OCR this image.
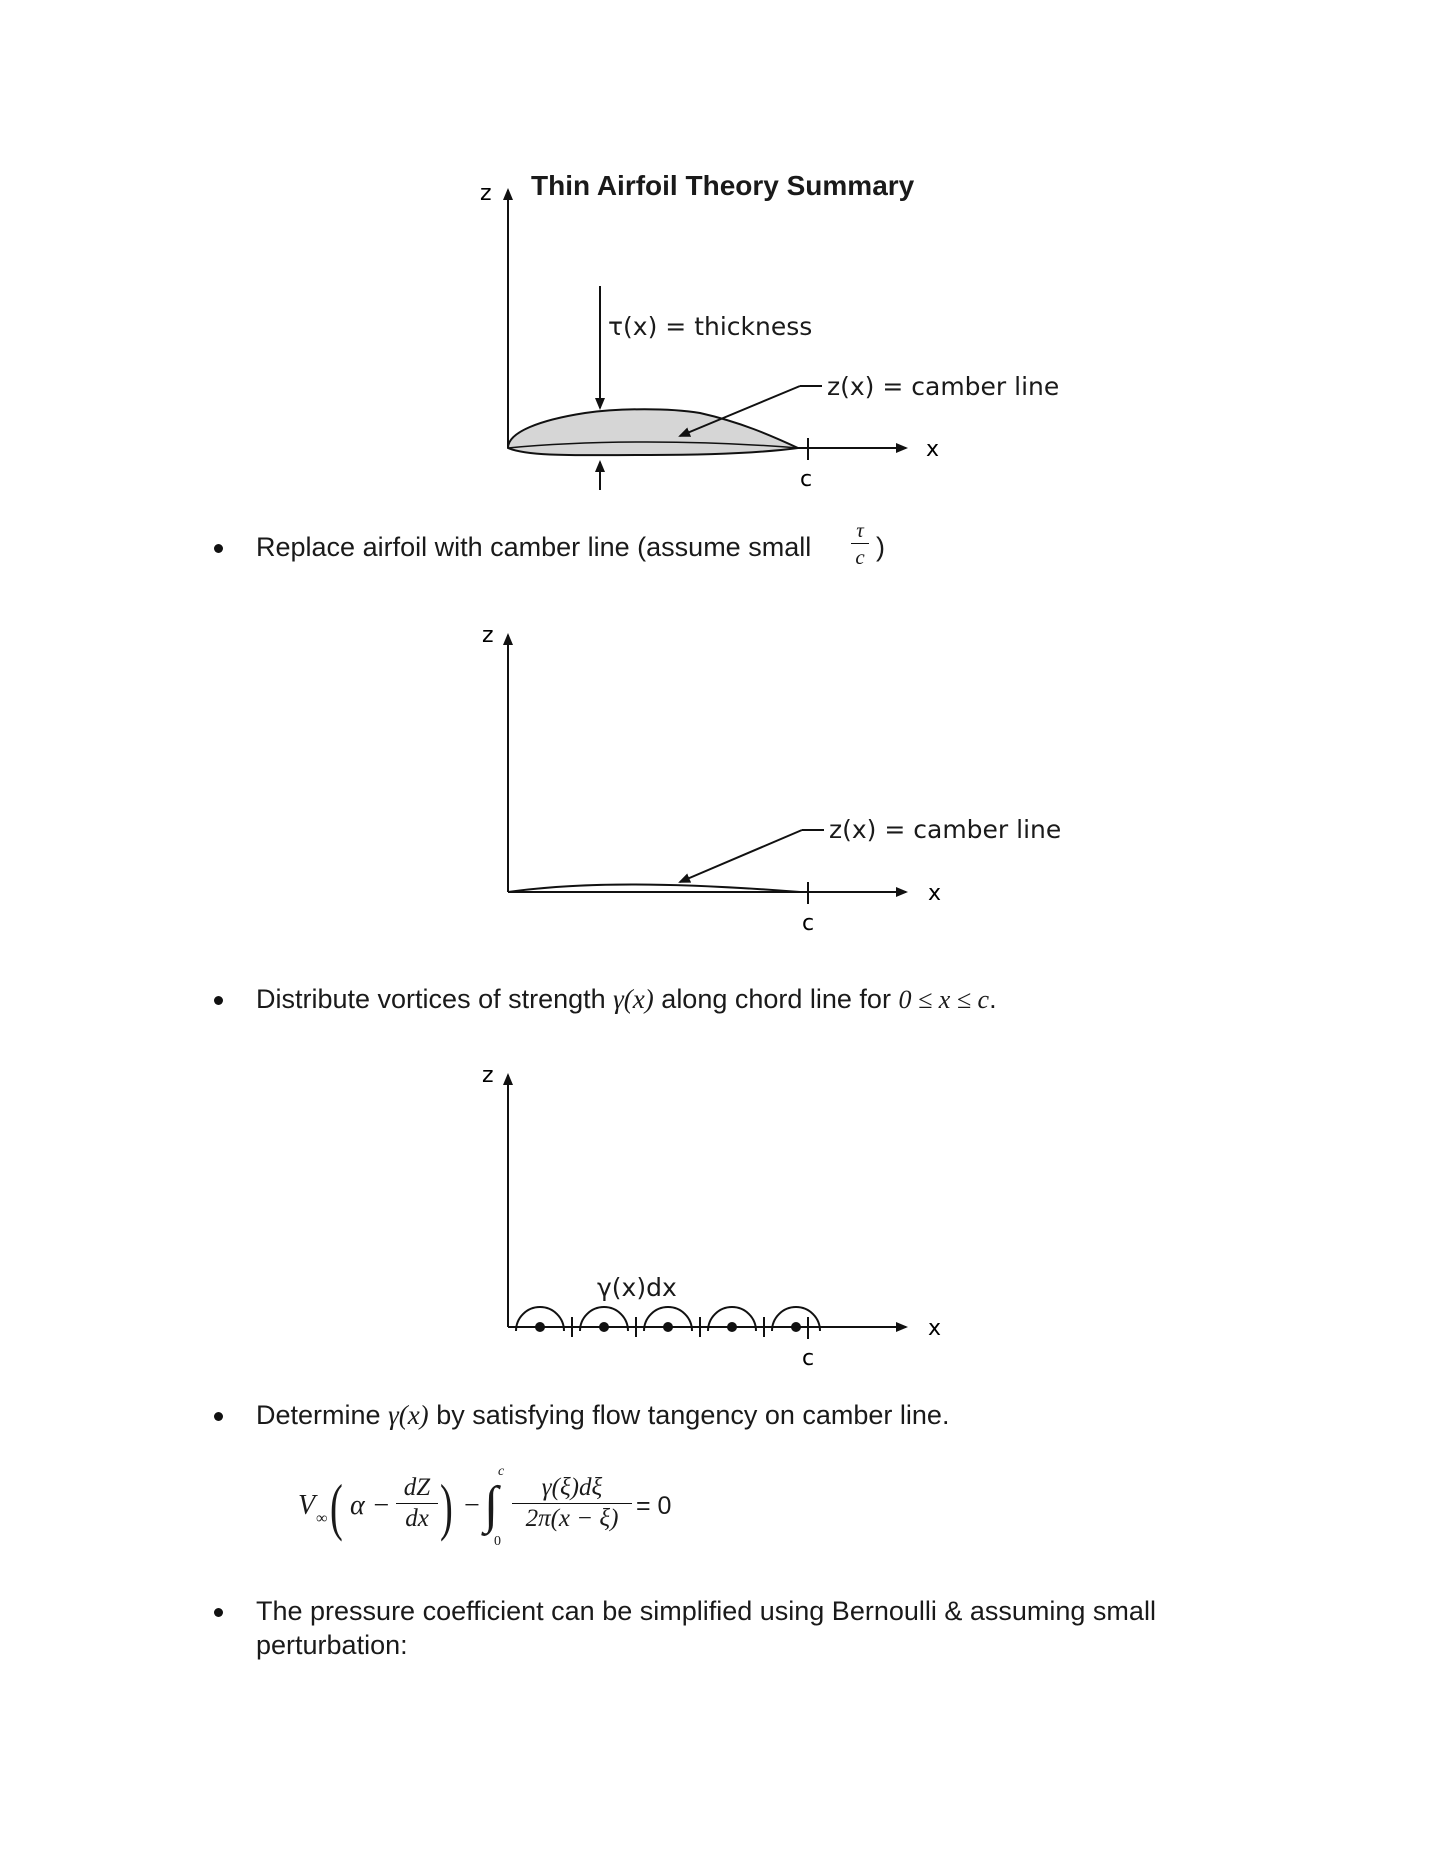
Thin Airfoil Theory Summary
z
x
c
τ(x) = thickness
z(x) = camber line
Replace airfoil with camber line (assume small
τ
c )
z
x
c
z(x) = camber line
Distribute vortices of strength γ(x) along chord line for 0 ≤ x ≤ c.
z
x
c
γ(x)dx
Determine γ(x) by satisfying flow tangency on camber line.
V ∞ ( α −
dZ
dx ) − ∫
c
0
γ(ξ)dξ
2π(x − ξ) = 0
The pressure coefficient can be simplified using Bernoulli & assuming small
perturbation:
